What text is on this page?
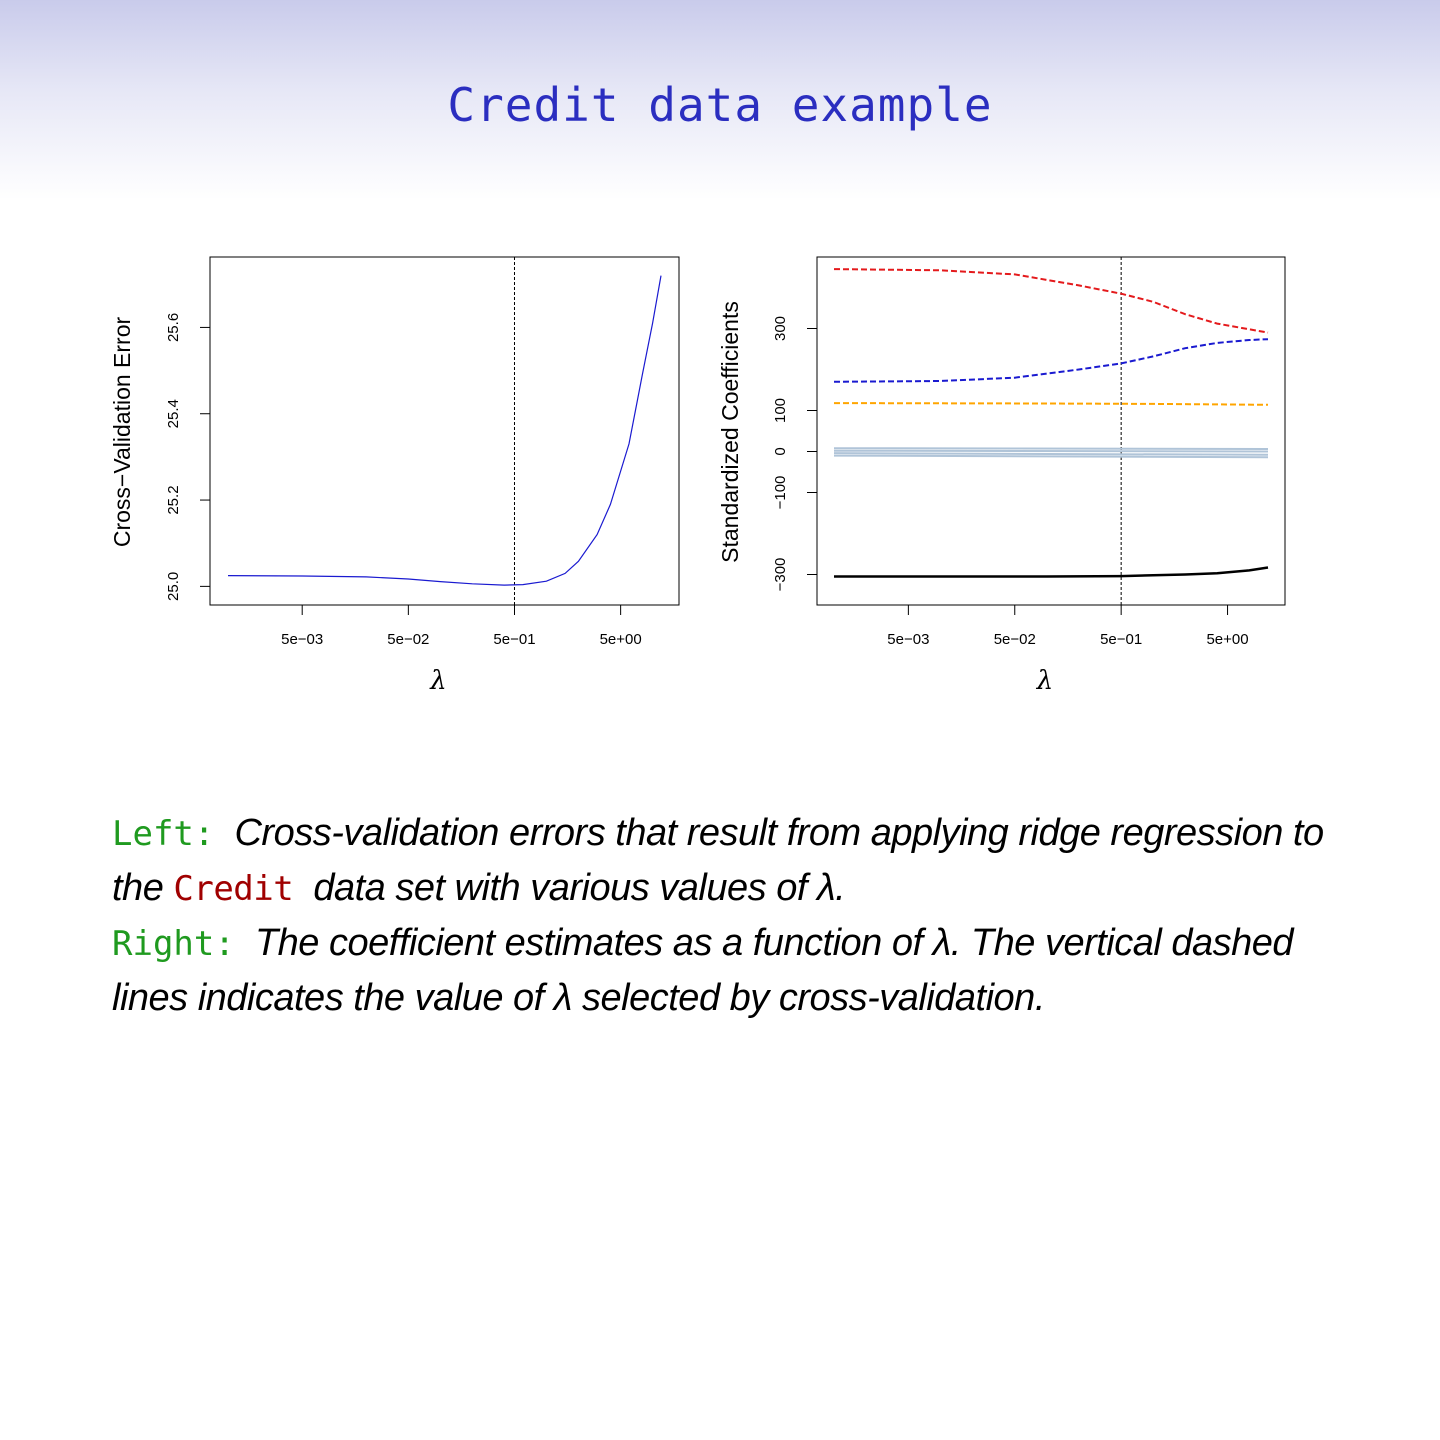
Credit data example
5e−03	5e−02	5e−01	5e+00
25.0
25.2
25.4
25.6
Cross−Validation Error
λ
5e−03	5e−02	5e−01	5e+00
−300
−100
0
100
300
Standardized Coefficients
λ
Left: Cross-validation errors that result from applying ridge regression to the Credit data set with various values of λ.
Right: The coefficient estimates as a function of λ. The vertical dashed lines indicates the value of λ selected by cross-validation.
